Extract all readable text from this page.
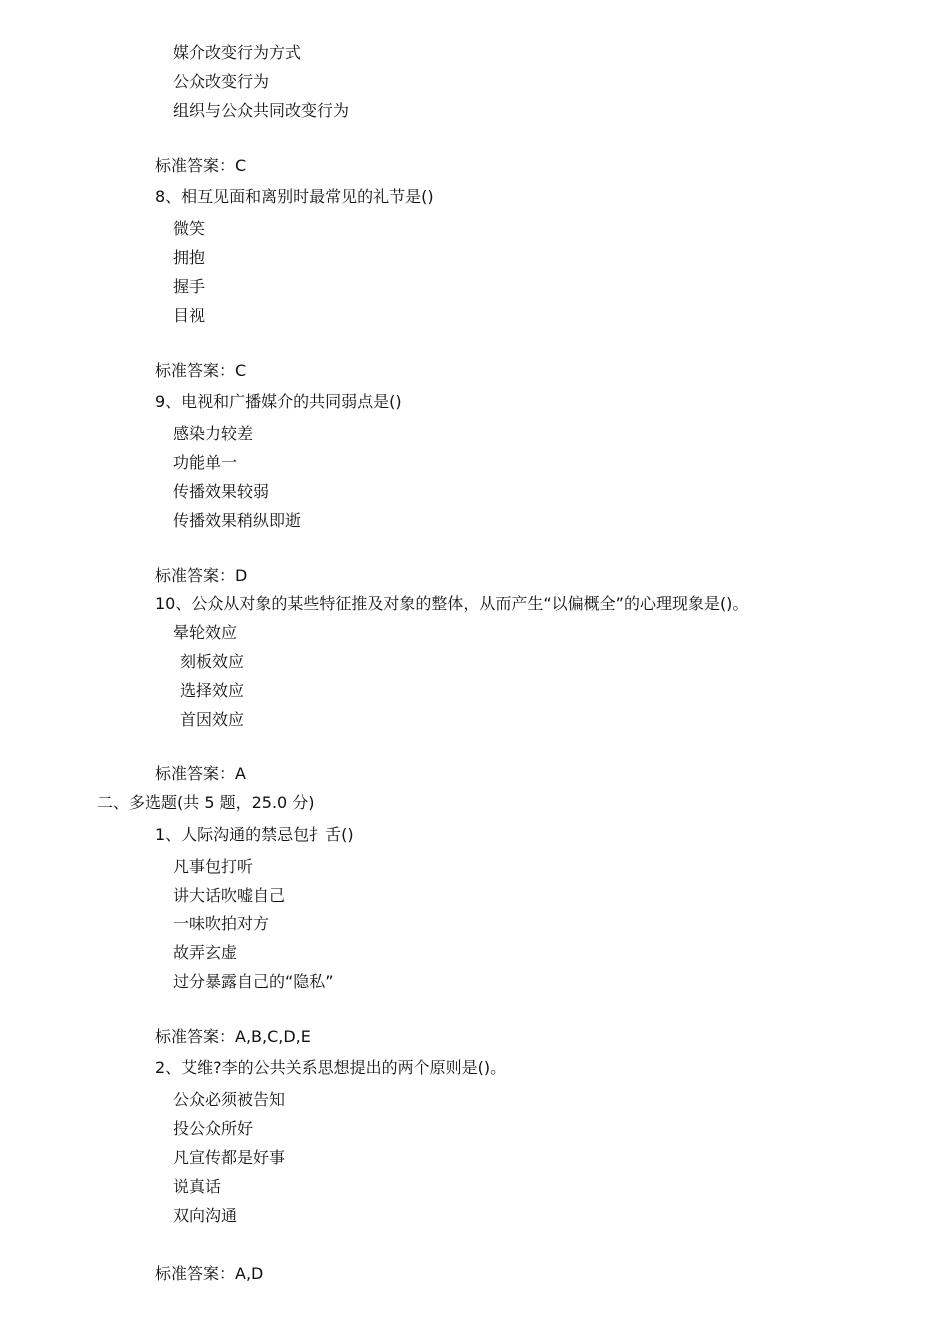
媒介改变行为方式
公众改变行为
组织与公众共同改变行为
标准答案：C
8、相互见面和离别时最常见的礼节是()
微笑
拥抱
握手
目视
标准答案：C
9、电视和广播媒介的共同弱点是()
感染力较差
功能单一
传播效果较弱
传播效果稍纵即逝
标准答案：D
10、公众从对象的某些特征推及对象的整体，从而产生“以偏概全”的心理现象是()。
晕轮效应
刻板效应
选择效应
首因效应
标准答案：A
二、多选题(共 5 题，25.0 分)
1、人际沟通的禁忌包扌舌()
凡事包打听
讲大话吹嘘自己
一味吹拍对方
故弄玄虚
过分暴露自己的“隐私”
标准答案：A,B,C,D,E
2、艾维?李的公共关系思想提出的两个原则是()。
公众必须被告知
投公众所好
凡宣传都是好事
说真话
双向沟通
标准答案：A,D
